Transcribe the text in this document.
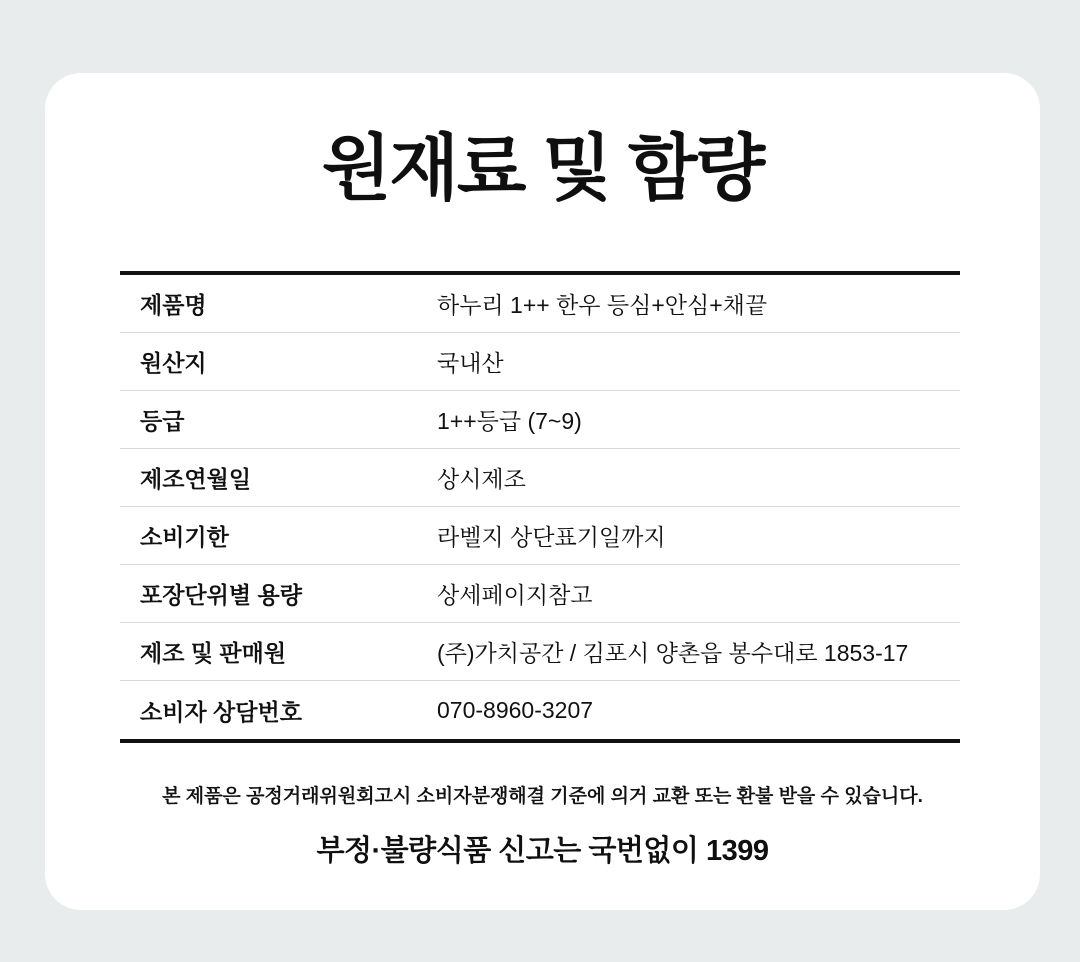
원재료 및 함량
제품명	하누리 1++ 한우 등심+안심+채끝
원산지	국내산
등급	1++등급 (7~9)
제조연월일	상시제조
소비기한	라벨지 상단표기일까지
포장단위별 용량	상세페이지참고
제조 및 판매원	(주)가치공간 / 김포시 양촌읍 봉수대로 1853-17
소비자 상담번호	070-8960-3207

본 제품은 공정거래위원회고시 소비자분쟁해결 기준에 의거 교환 또는 환불 받을 수 있습니다.

부정·불량식품 신고는 국번없이 1399
